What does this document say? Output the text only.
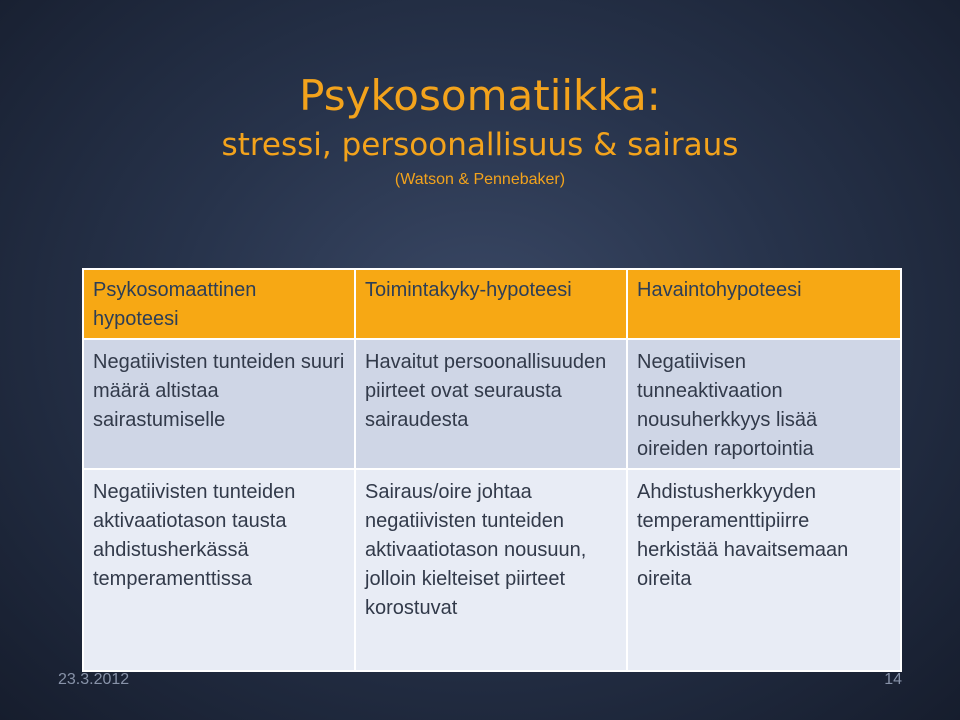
Psykosomatiikka:
stressi, persoonallisuus & sairaus
(Watson & Pennebaker)
Psykosomaattinen hypoteesi	Toimintakyky-hypoteesi	Havaintohypoteesi
Negatiivisten tunteiden suuri määrä altistaa sairastumiselle	Havaitut persoonallisuuden piirteet ovat seurausta sairaudesta	Negatiivisen tunneaktivaation nousuherkkyys lisää oireiden raportointia
Negatiivisten tunteiden aktivaatiotason tausta ahdistusherkässä temperamenttissa	Sairaus/oire johtaa negatiivisten tunteiden aktivaatiotason nousuun, jolloin kielteiset piirteet korostuvat	Ahdistusherkkyyden temperamenttipiirre herkistää havaitsemaan oireita
23.3.2012	14
